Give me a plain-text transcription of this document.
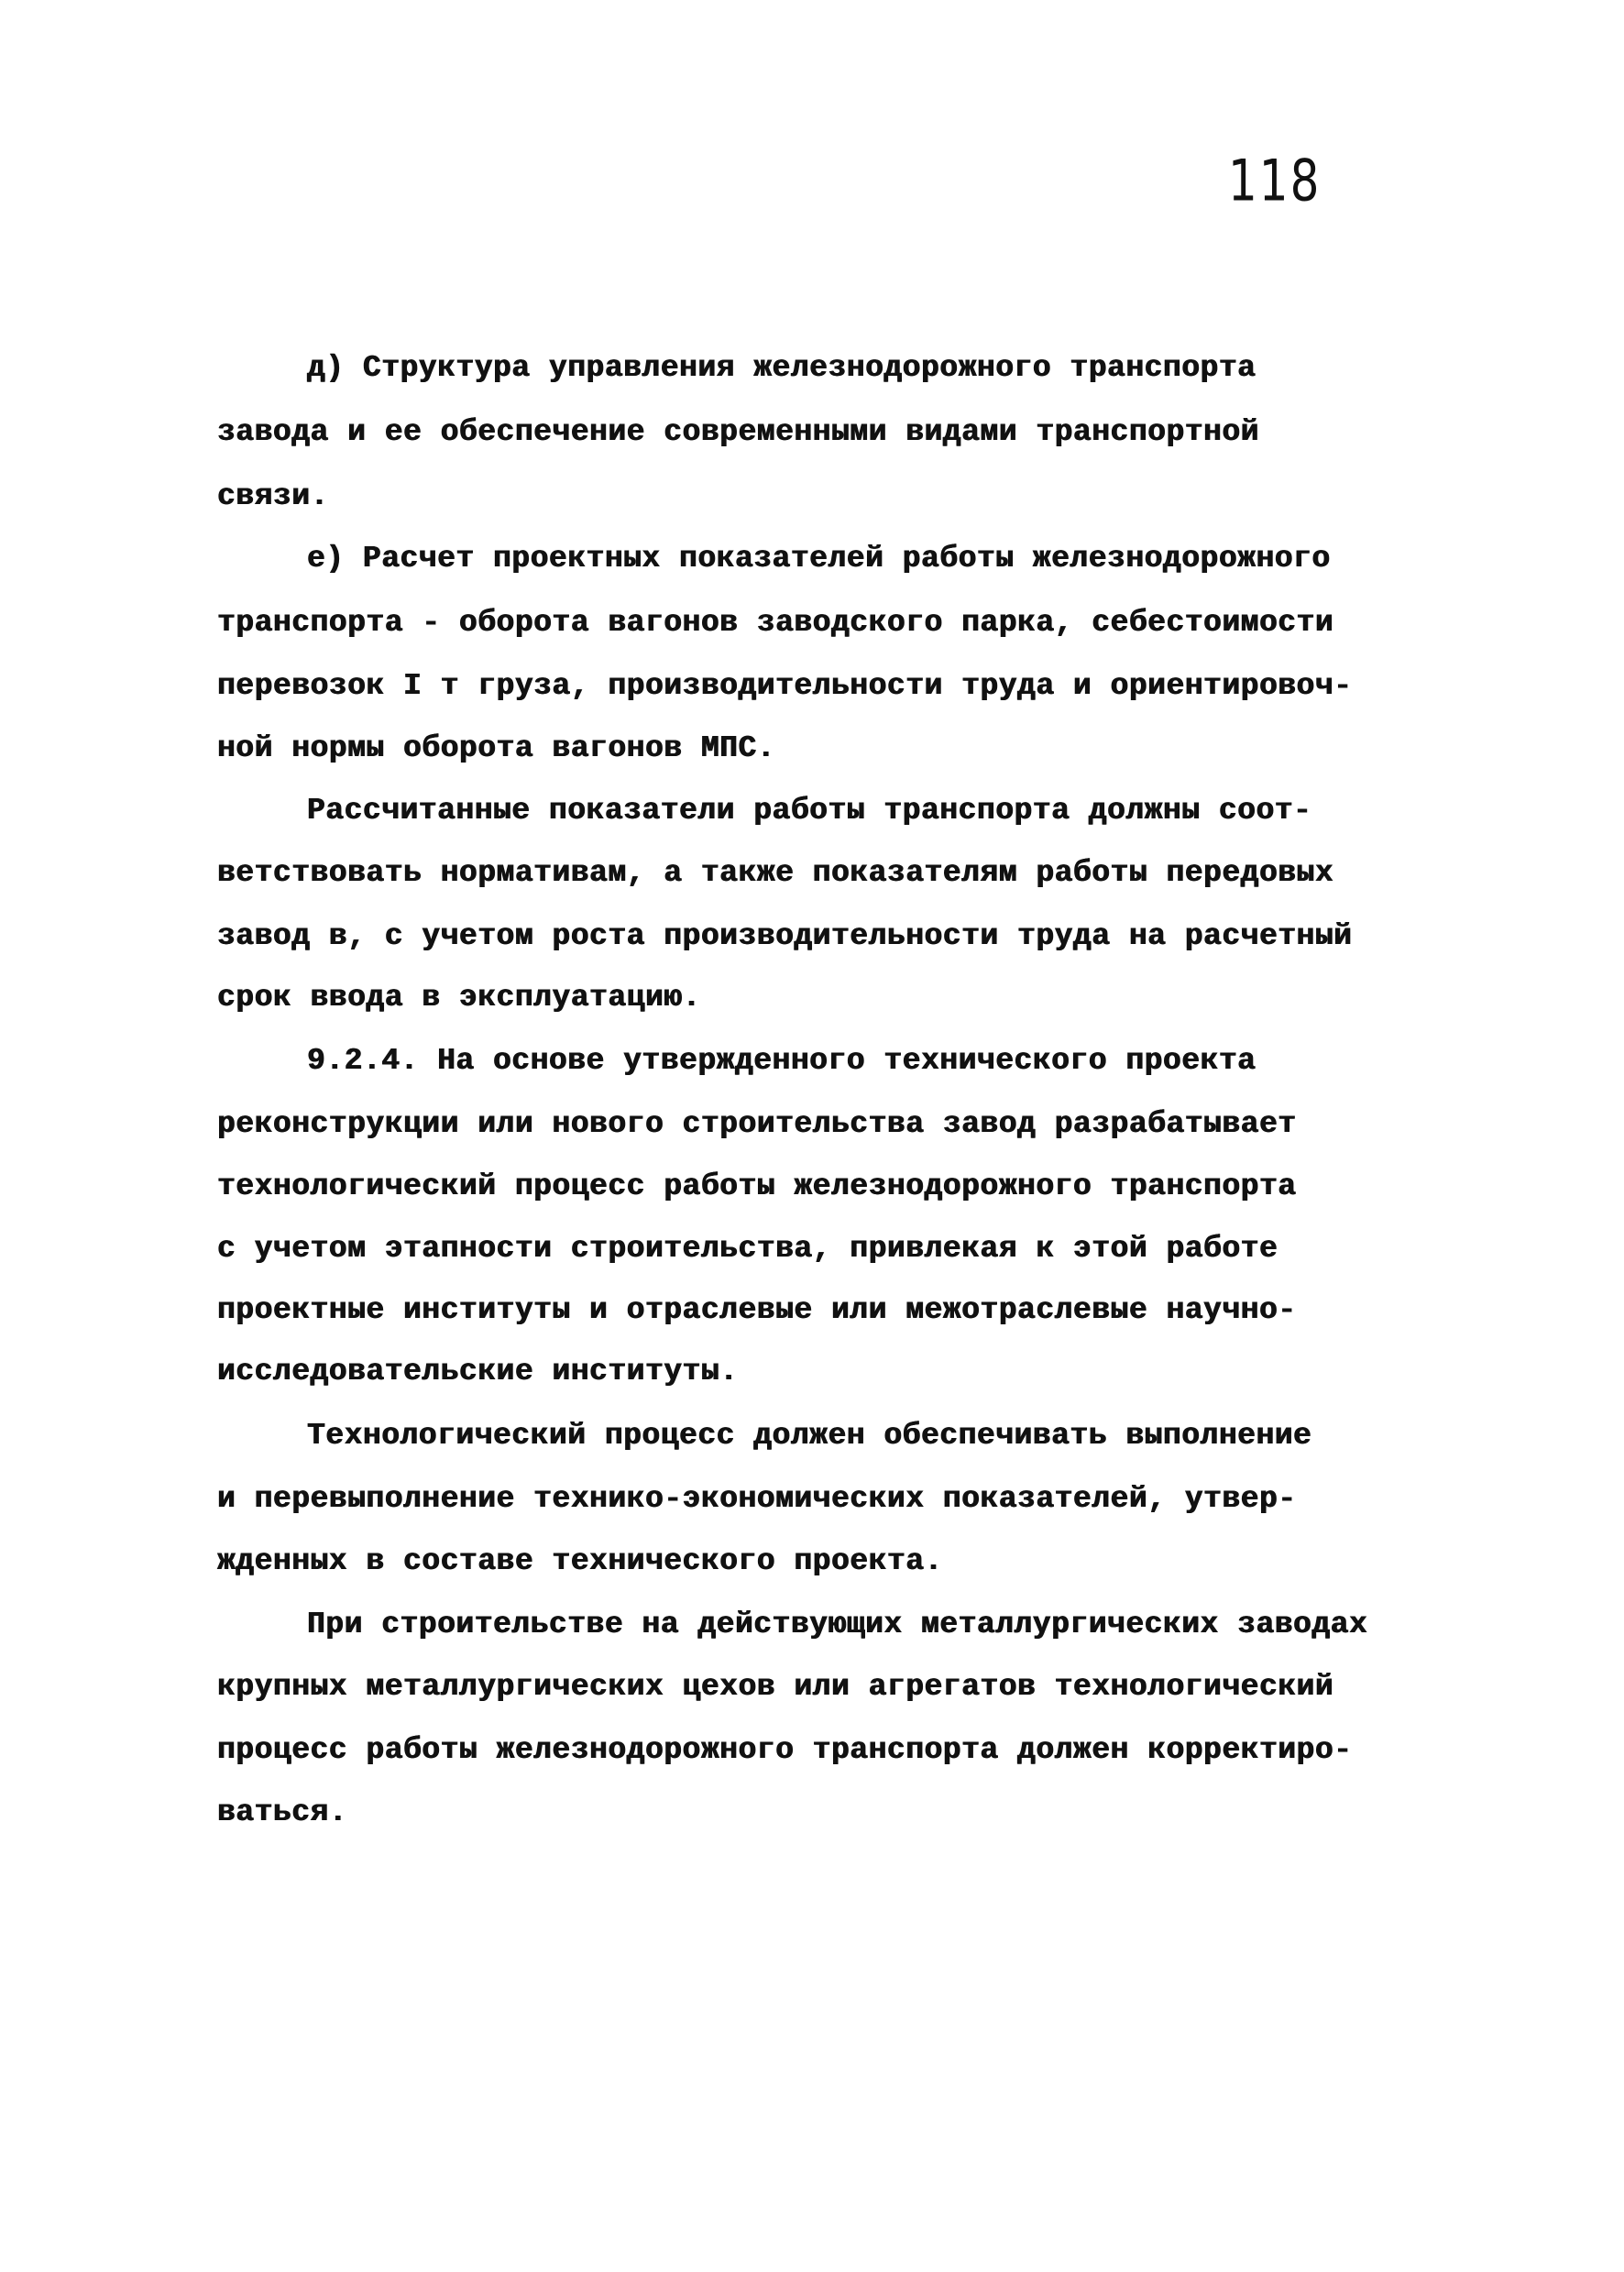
118
д) Структура управления железнодорожного транспорта
завода и ее обеспечение современными видами транспортной
связи.
е) Расчет проектных показателей работы железнодорожного
транспорта - оборота вагонов заводского парка, себестоимости
перевозок I т груза, производительности труда и ориентировоч-
ной нормы оборота вагонов МПС.
Рассчитанные показатели работы транспорта должны соот-
ветствовать нормативам, а также показателям работы передовых
завод в, с учетом роста производительности труда на расчетный
срок ввода в эксплуатацию.
9.2.4. На основе утвержденного технического проекта
реконструкции или нового строительства завод разрабатывает
технологический процесс работы железнодорожного транспорта
с учетом этапности строительства, привлекая к этой работе
проектные институты и отраслевые или межотраслевые научно-
исследовательские институты.
Технологический процесс должен обеспечивать выполнение
и перевыполнение технико-экономических показателей, утвер-
жденных в составе технического проекта.
При строительстве на действующих металлургических заводах
крупных металлургических цехов или агрегатов технологический
процесс работы железнодорожного транспорта должен корректиро-
ваться.
